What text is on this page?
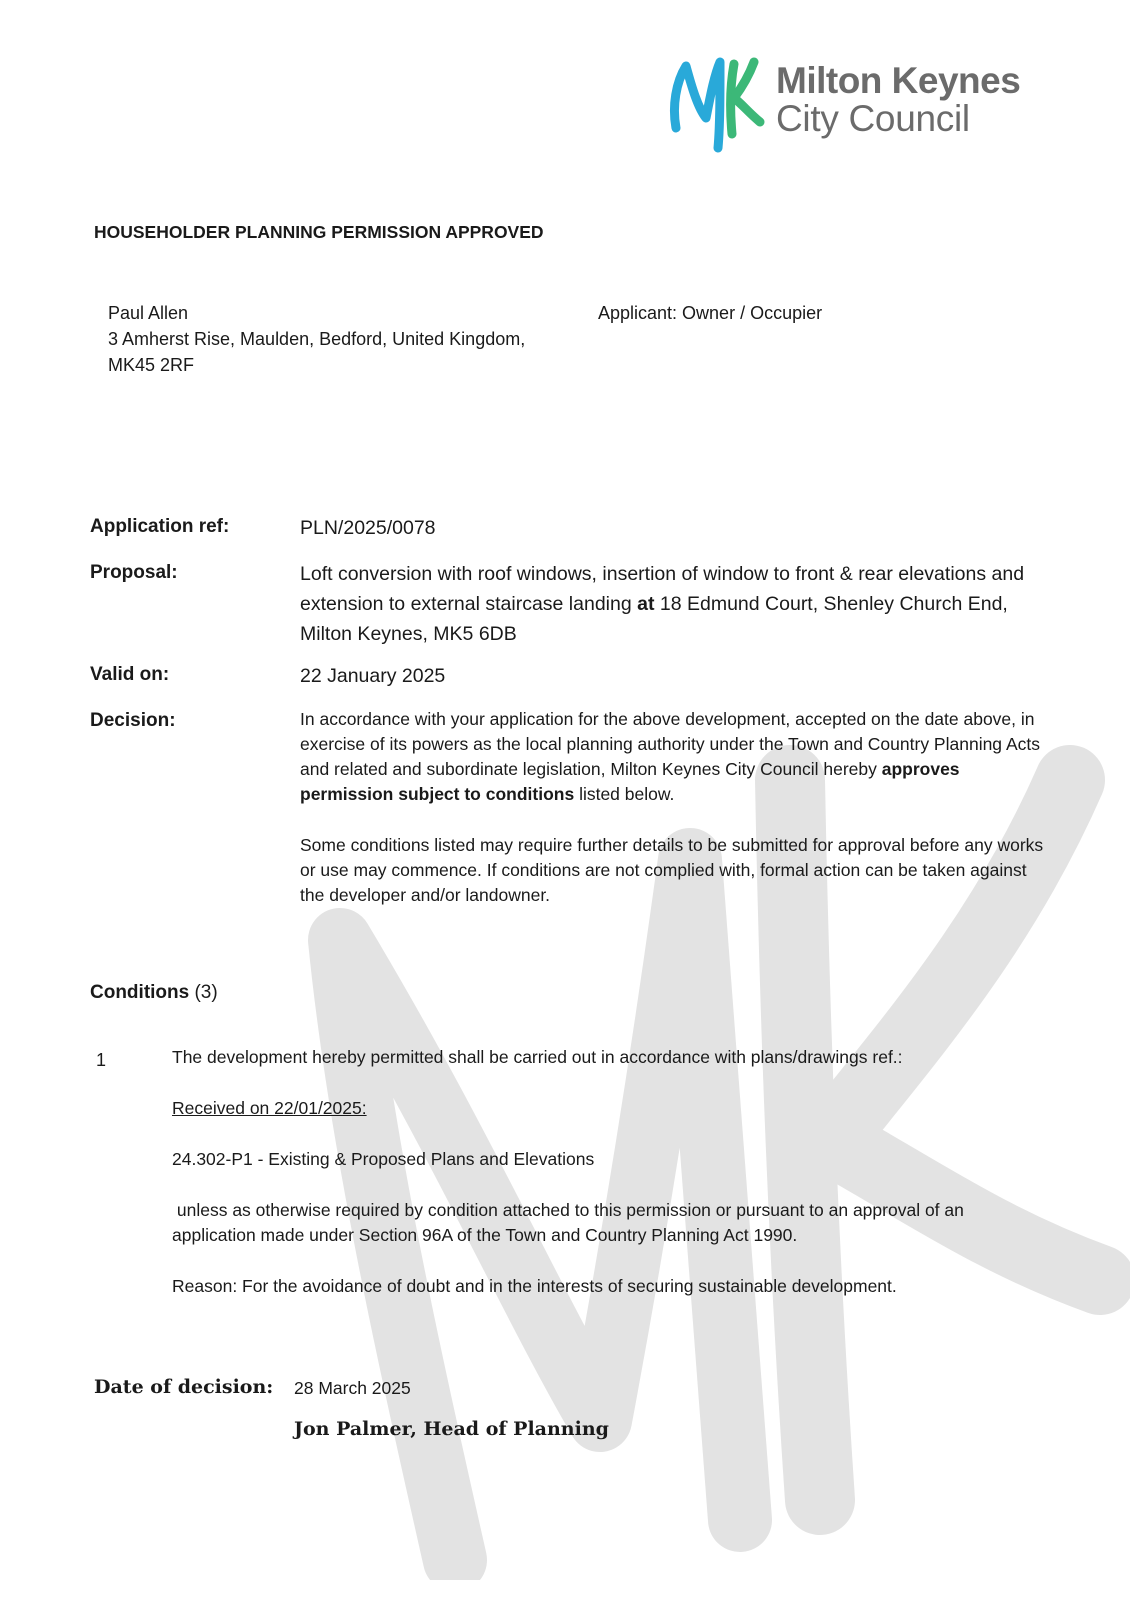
Milton Keynes
City Council
HOUSEHOLDER PLANNING PERMISSION APPROVED
Paul Allen
3 Amherst Rise, Maulden, Bedford, United Kingdom,
MK45 2RF
Applicant: Owner / Occupier
Application ref:	PLN/2025/0078
Proposal:	Loft conversion with roof windows, insertion of window to front & rear elevations and extension to external staircase landing at 18 Edmund Court, Shenley Church End, Milton Keynes, MK5 6DB
Valid on:	22 January 2025
Decision:	In accordance with your application for the above development, accepted on the date above, in exercise of its powers as the local planning authority under the Town and Country Planning Acts and related and subordinate legislation, Milton Keynes City Council hereby approves permission subject to conditions listed below.
Some conditions listed may require further details to be submitted for approval before any works or use may commence. If conditions are not complied with, formal action can be taken against the developer and/or landowner.
Conditions (3)
1	The development hereby permitted shall be carried out in accordance with plans/drawings ref.:
Received on 22/01/2025:
24.302-P1 - Existing & Proposed Plans and Elevations
unless as otherwise required by condition attached to this permission or pursuant to an approval of an application made under Section 96A of the Town and Country Planning Act 1990.
Reason: For the avoidance of doubt and in the interests of securing sustainable development.
Date of decision: 28 March 2025
Jon Palmer, Head of Planning
